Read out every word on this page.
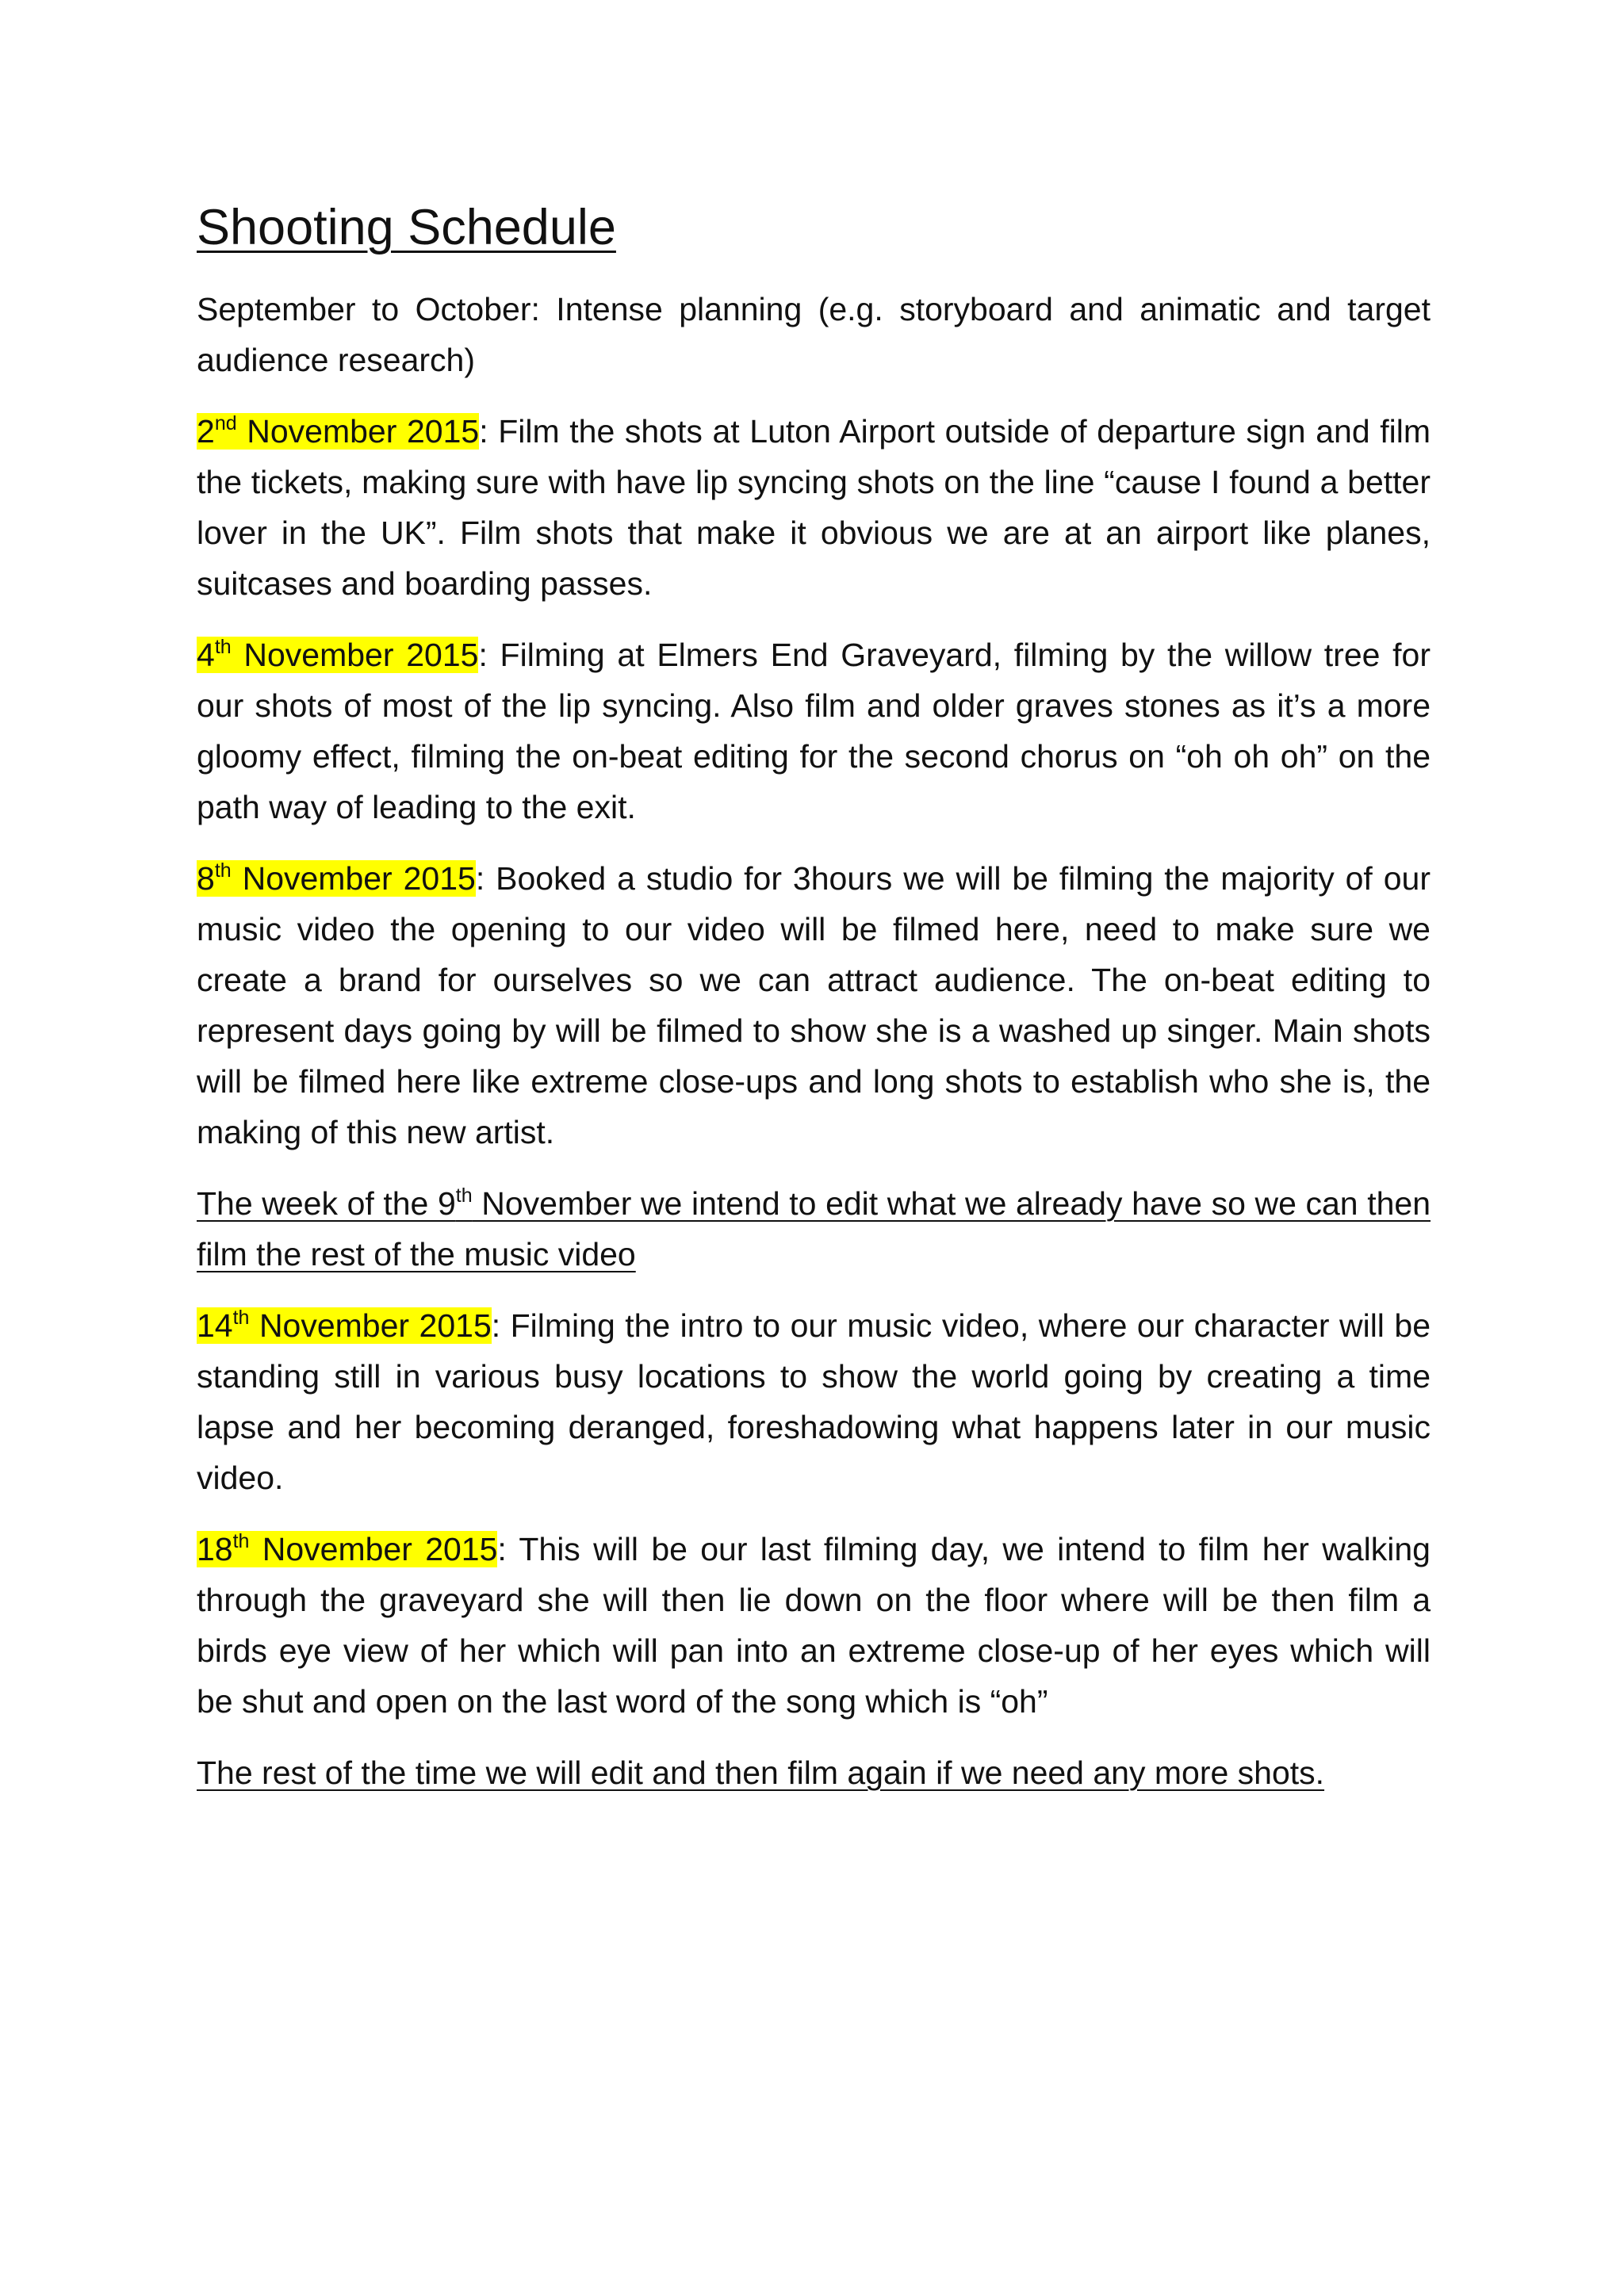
Shooting Schedule

September to October: Intense planning (e.g. storyboard and animatic and target audience research)

2nd November 2015: Film the shots at Luton Airport outside of departure sign and film the tickets, making sure with have lip syncing shots on the line “cause I found a better lover in the UK”. Film shots that make it obvious we are at an airport like planes, suitcases and boarding passes.

4th November 2015: Filming at Elmers End Graveyard, filming by the willow tree for our shots of most of the lip syncing. Also film and older graves stones as it’s a more gloomy effect, filming the on-beat editing for the second chorus on “oh oh oh” on the path way of leading to the exit.

8th November 2015: Booked a studio for 3hours we will be filming the majority of our music video the opening to our video will be filmed here, need to make sure we create a brand for ourselves so we can attract audience. The on-beat editing to represent days going by will be filmed to show she is a washed up singer. Main shots will be filmed here like extreme close-ups and long shots to establish who she is, the making of this new artist.

The week of the 9th November we intend to edit what we already have so we can then film the rest of the music video

14th November 2015: Filming the intro to our music video, where our character will be standing still in various busy locations to show the world going by creating a time lapse and her becoming deranged, foreshadowing what happens later in our music video.

18th November 2015: This will be our last filming day, we intend to film her walking through the graveyard she will then lie down on the floor where will be then film a birds eye view of her which will pan into an extreme close-up of her eyes which will be shut and open on the last word of the song which is “oh”

The rest of the time we will edit and then film again if we need any more shots.
